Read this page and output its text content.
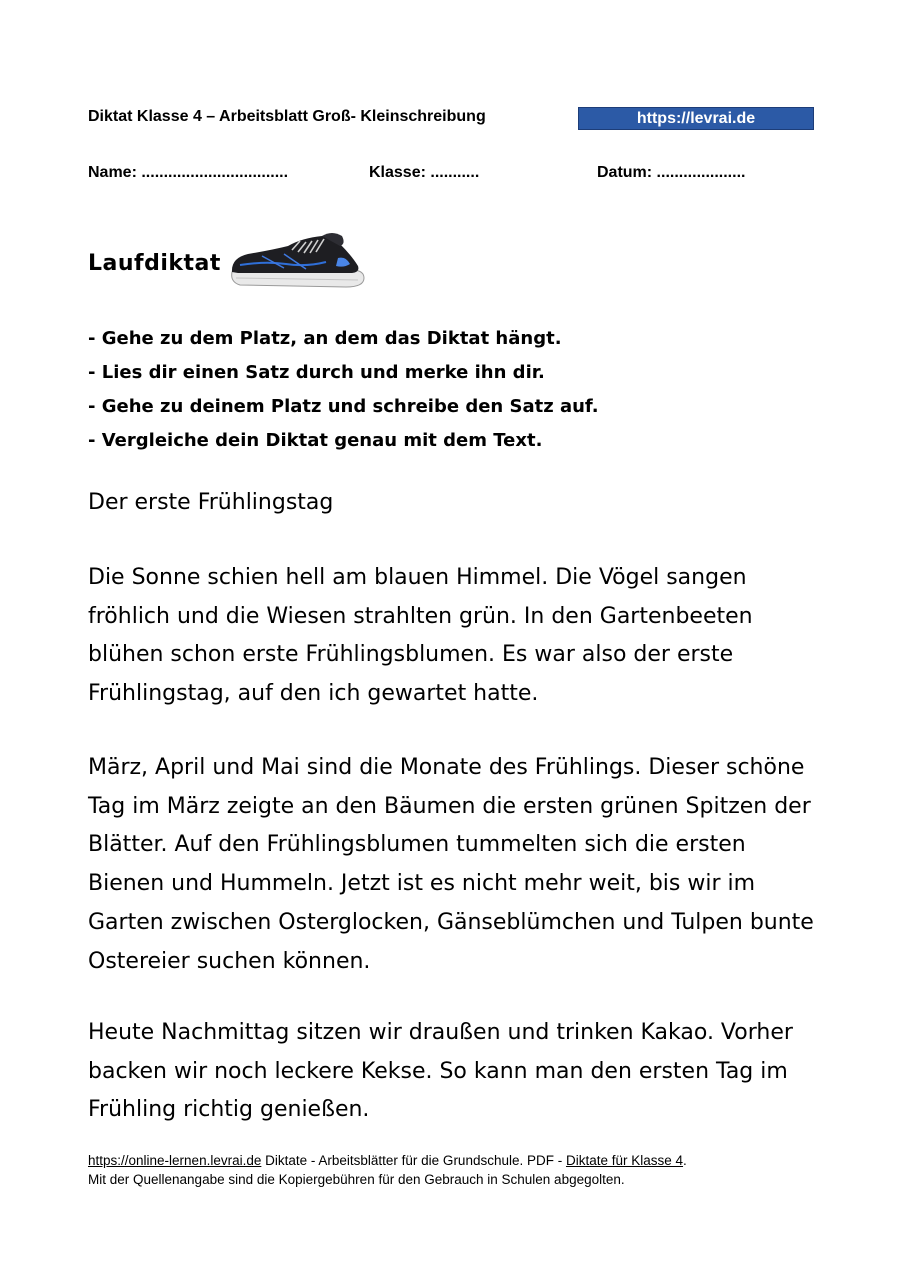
Diktat Klasse 4 – Arbeitsblatt Groß- Kleinschreibung	https://levrai.de
Name: .................................	Klasse: ...........	Datum: ....................
Laufdiktat
- Gehe zu dem Platz, an dem das Diktat hängt.
- Lies dir einen Satz durch und merke ihn dir.
- Gehe zu deinem Platz und schreibe den Satz auf.
- Vergleiche dein Diktat genau mit dem Text.
Der erste Frühlingstag

Die Sonne schien hell am blauen Himmel. Die Vögel sangen fröhlich und die Wiesen strahlten grün. In den Gartenbeeten blühen schon erste Frühlingsblumen. Es war also der erste Frühlingstag, auf den ich gewartet hatte.

März, April und Mai sind die Monate des Frühlings. Dieser schöne Tag im März zeigte an den Bäumen die ersten grünen Spitzen der Blätter. Auf den Frühlingsblumen tummelten sich die ersten Bienen und Hummeln. Jetzt ist es nicht mehr weit, bis wir im Garten zwischen Osterglocken, Gänseblümchen und Tulpen bunte Ostereier suchen können.

Heute Nachmittag sitzen wir draußen und trinken Kakao. Vorher backen wir noch leckere Kekse. So kann man den ersten Tag im Frühling richtig genießen.

https://online-lernen.levrai.de Diktate - Arbeitsblätter für die Grundschule. PDF - Diktate für Klasse 4.
Mit der Quellenangabe sind die Kopiergebühren für den Gebrauch in Schulen abgegolten.
